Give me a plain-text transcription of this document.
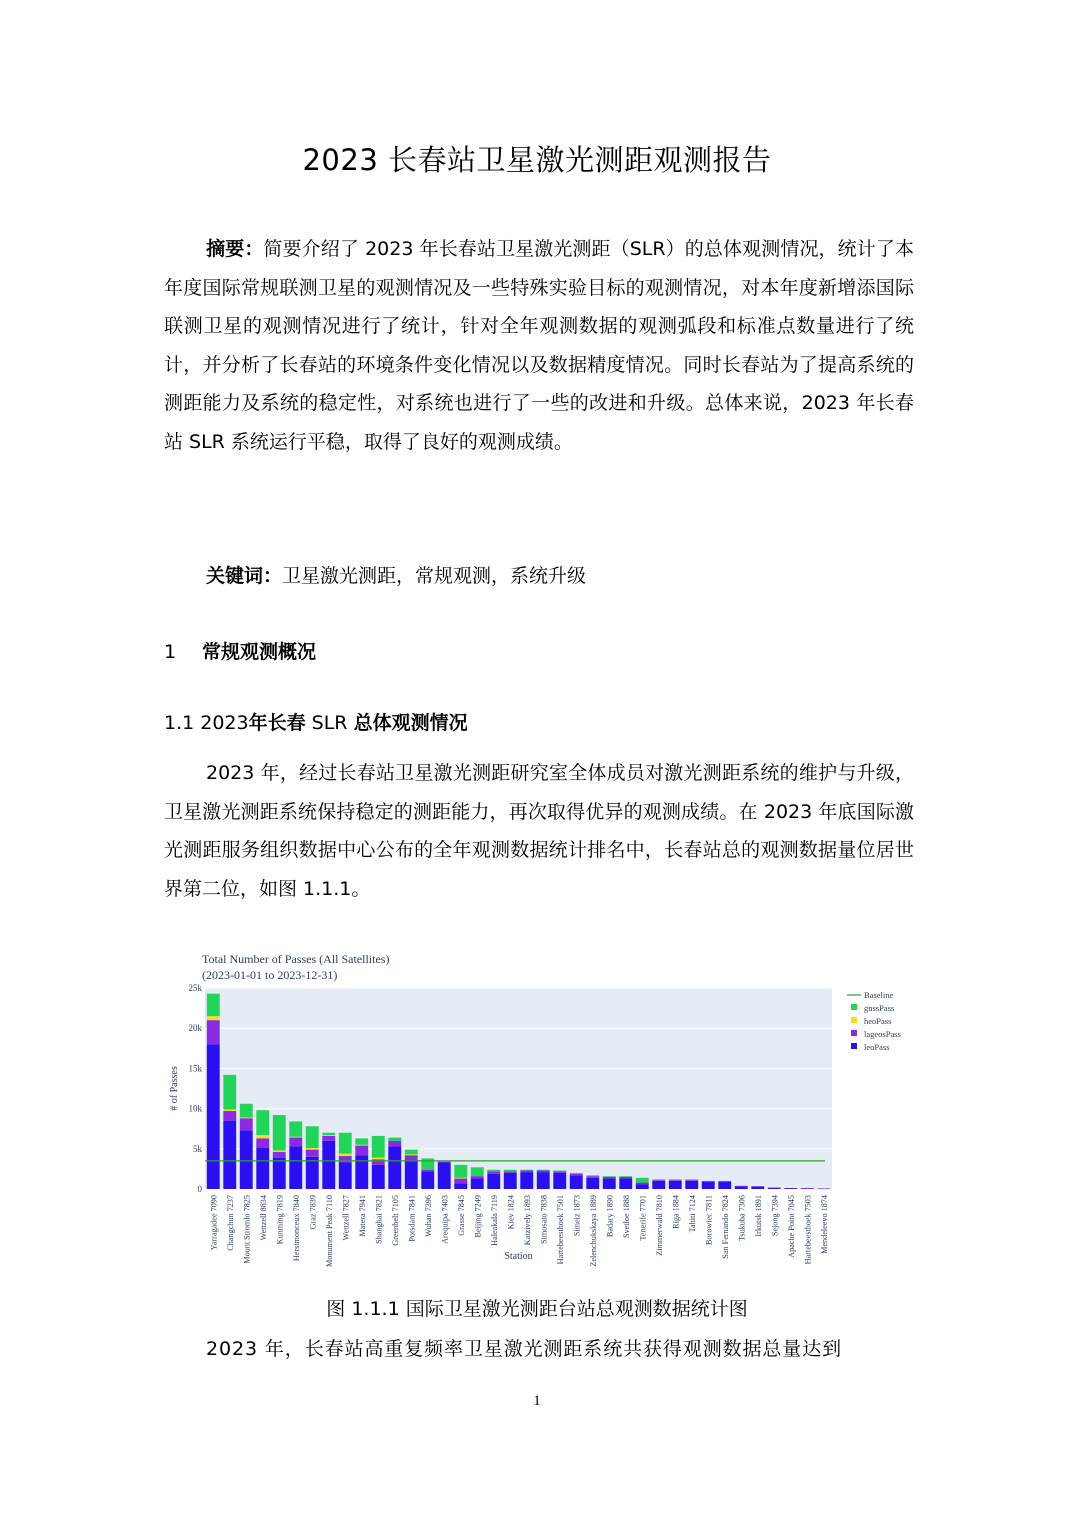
2023 长春站卫星激光测距观测报告
摘要：简要介绍了 2023 年长春站卫星激光测距（SLR）的总体观测情况，统计了本年度国际常规联测卫星的观测情况及一些特殊实验目标的观测情况，对本年度新增添国际联测卫星的观测情况进行了统计，针对全年观测数据的观测弧段和标准点数量进行了统计，并分析了长春站的环境条件变化情况以及数据精度情况。同时长春站为了提高系统的测距能力及系统的稳定性，对系统也进行了一些的改进和升级。总体来说，2023 年长春站 SLR 系统运行平稳，取得了良好的观测成绩。
关键词：卫星激光测距，常规观测，系统升级
1 常规观测概况
1.1 2023年长春 SLR 总体观测情况
2023 年，经过长春站卫星激光测距研究室全体成员对激光测距系统的维护与升级，卫星激光测距系统保持稳定的测距能力，再次取得优异的观测成绩。在 2023 年底国际激光测距服务组织数据中心公布的全年观测数据统计排名中，长春站总的观测数据量位居世界第二位，如图 1.1.1。
Total Number of Passes (All Satellites)
(2023-01-01 to 2023-12-31)
0
5k
10k
15k
20k
25k
# of Passes
Yarragadee 7090 Changchun 7237 Mount Stromlo 7825 Wettzell 8834 Kunming 7819 Herstmonceux 7840 Graz 7839 Monument Peak 7110 Wettzell 7827 Matera 7941 Shanghai 7821 Greenbelt 7105 Potsdam 7841 Wuhan 7396 Arequipa 7403 Grasse 7845 Beijing 7249 Haleakala 7119 Kiev 1824 Katzively 1893 Simosato 7838 Hartebeesthoek 7501 Simeiz 1873 Zelenchukskaya 1889 Badary 1890 Svetloe 1888 Tenerife 7701 Zimmerwald 7810 Riga 1884 Tahiti 7124 Borowiec 7811 San Fernando 7824 Tsukuba 7306 Irkutsk 1891 Sejong 7394 Apache Point 7045 Hartebeesthoek 7503 Mendeleevo 1874
Station
Baseline
gnssPass
heoPass
lageosPass
leoPass
图 1.1.1 国际卫星激光测距台站总观测数据统计图
2023 年，长春站高重复频率卫星激光测距系统共获得观测数据总量达到
1
